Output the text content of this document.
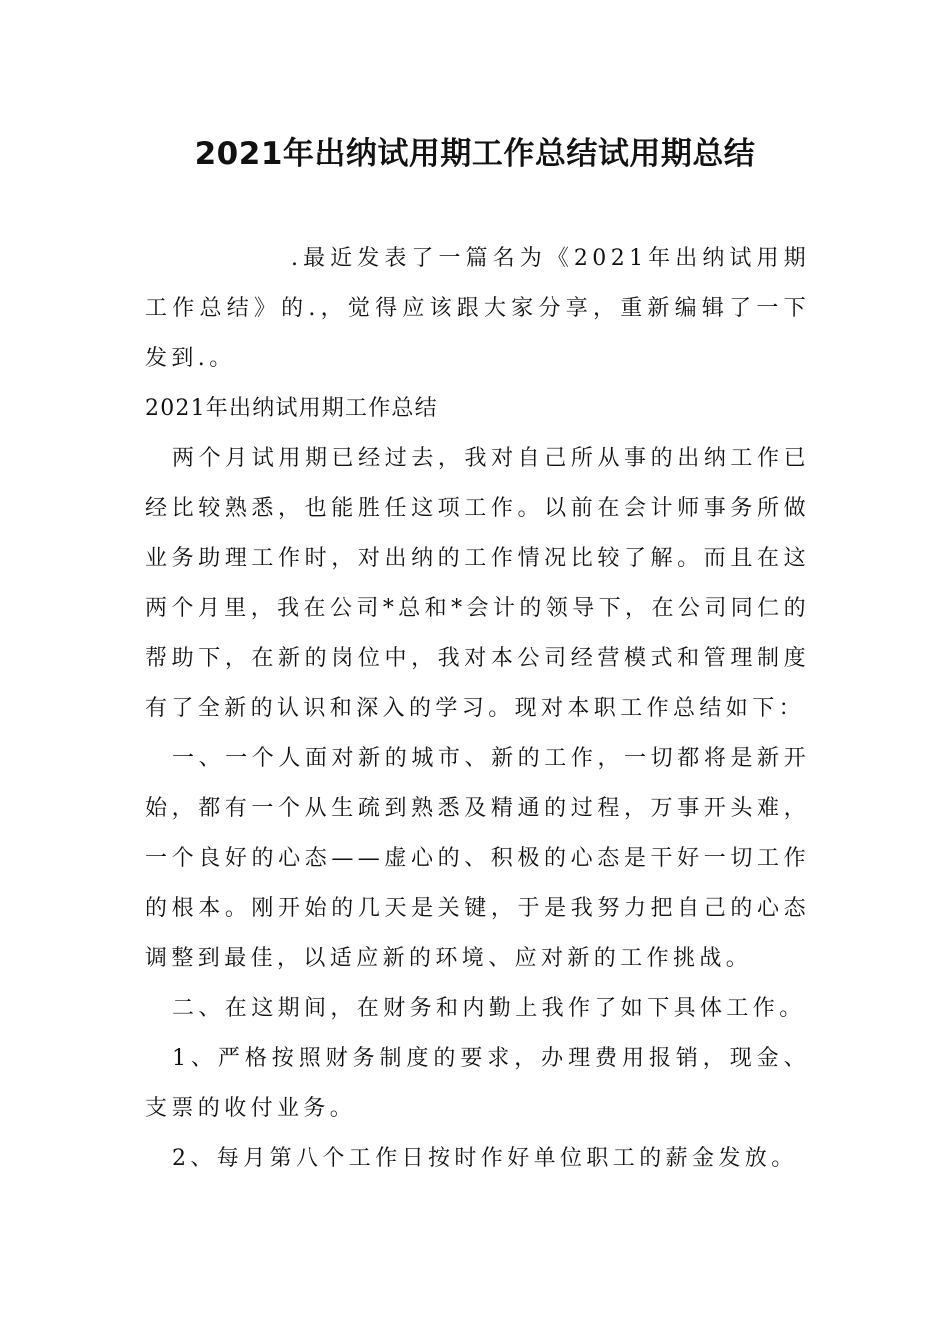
2021年出纳试用期工作总结试用期总结

.最近发表了一篇名为《2021年出纳试用期工作总结》的.，觉得应该跟大家分享，重新编辑了一下发到.。

2021年出纳试用期工作总结

两个月试用期已经过去，我对自己所从事的出纳工作已经比较熟悉，也能胜任这项工作。以前在会计师事务所做业务助理工作时，对出纳的工作情况比较了解。而且在这两个月里，我在公司*总和*会计的领导下，在公司同仁的帮助下，在新的岗位中，我对本公司经营模式和管理制度有了全新的认识和深入的学习。现对本职工作总结如下：

一、一个人面对新的城市、新的工作，一切都将是新开始，都有一个从生疏到熟悉及精通的过程，万事开头难，一个良好的心态——虚心的、积极的心态是干好一切工作的根本。刚开始的几天是关键，于是我努力把自己的心态调整到最佳，以适应新的环境、应对新的工作挑战。

二、在这期间，在财务和内勤上我作了如下具体工作。

1、严格按照财务制度的要求，办理费用报销，现金、支票的收付业务。

2、每月第八个工作日按时作好单位职工的薪金发放。
